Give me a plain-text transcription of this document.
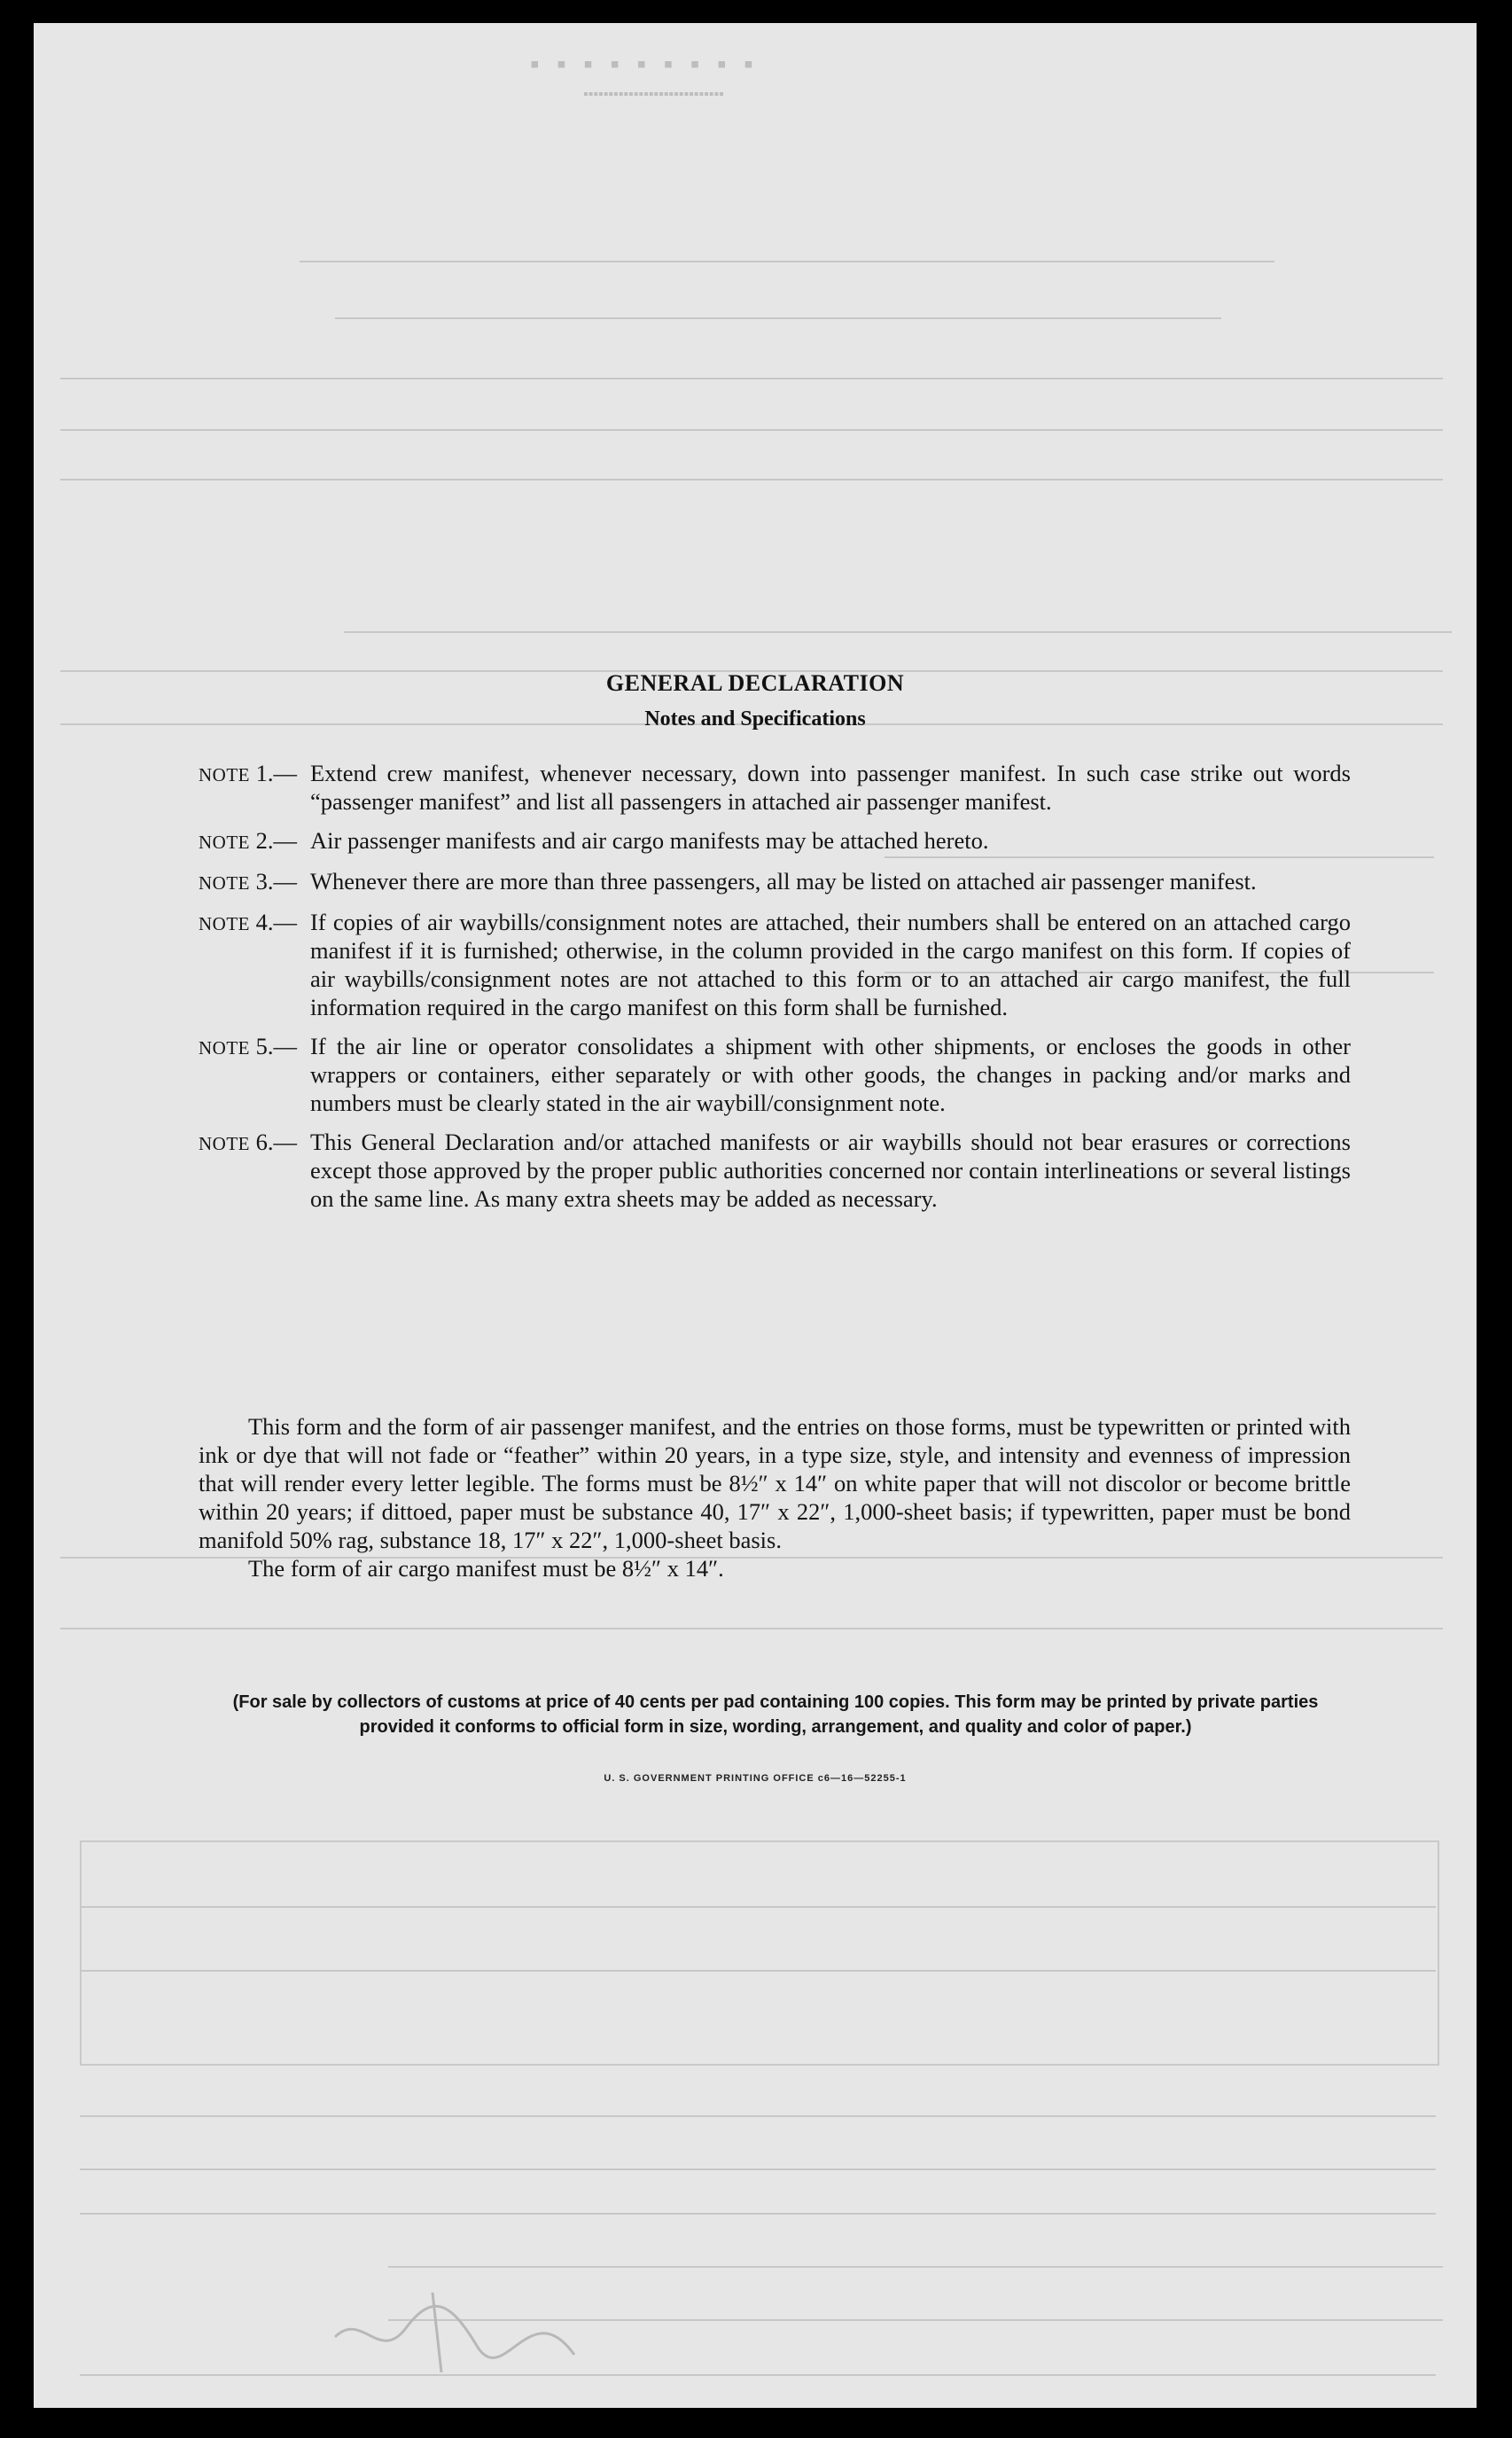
▪ ▪ ▪ ▪ ▪ ▪ ▪ ▪ ▪
▪▪▪▪▪▪▪▪▪▪▪▪▪▪▪▪▪▪▪▪▪▪▪▪▪▪▪▪
GENERAL DECLARATION
Notes and Specifications
NOTE 1.— Extend crew manifest, whenever necessary, down into passenger manifest. In such case strike out words “passenger manifest” and list all passengers in attached air passenger manifest.
NOTE 2.— Air passenger manifests and air cargo manifests may be attached hereto.
NOTE 3.— Whenever there are more than three passengers, all may be listed on attached air passenger manifest.
NOTE 4.— If copies of air waybills/consignment notes are attached, their numbers shall be entered on an attached cargo manifest if it is furnished; otherwise, in the column provided in the cargo manifest on this form. If copies of air waybills/consignment notes are not attached to this form or to an attached air cargo manifest, the full information required in the cargo manifest on this form shall be furnished.
NOTE 5.— If the air line or operator consolidates a shipment with other shipments, or encloses the goods in other wrappers or containers, either separately or with other goods, the changes in packing and/or marks and numbers must be clearly stated in the air waybill/consignment note.
NOTE 6.— This General Declaration and/or attached manifests or air waybills should not bear erasures or corrections except those approved by the proper public authorities concerned nor contain interlineations or several listings on the same line. As many extra sheets may be added as necessary.

This form and the form of air passenger manifest, and the entries on those forms, must be typewritten or printed with ink or dye that will not fade or “feather” within 20 years, in a type size, style, and intensity and evenness of impression that will render every letter legible. The forms must be 8½″ x 14″ on white paper that will not discolor or become brittle within 20 years; if dittoed, paper must be substance 40, 17″ x 22″, 1,000-sheet basis; if typewritten, paper must be bond manifold 50% rag, substance 18, 17″ x 22″, 1,000-sheet basis.

The form of air cargo manifest must be 8½″ x 14″.

(For sale by collectors of customs at price of 40 cents per pad containing 100 copies. This form may be printed by private parties provided it conforms to official form in size, wording, arrangement, and quality and color of paper.)
U. S. GOVERNMENT PRINTING OFFICE c6—16—52255-1
